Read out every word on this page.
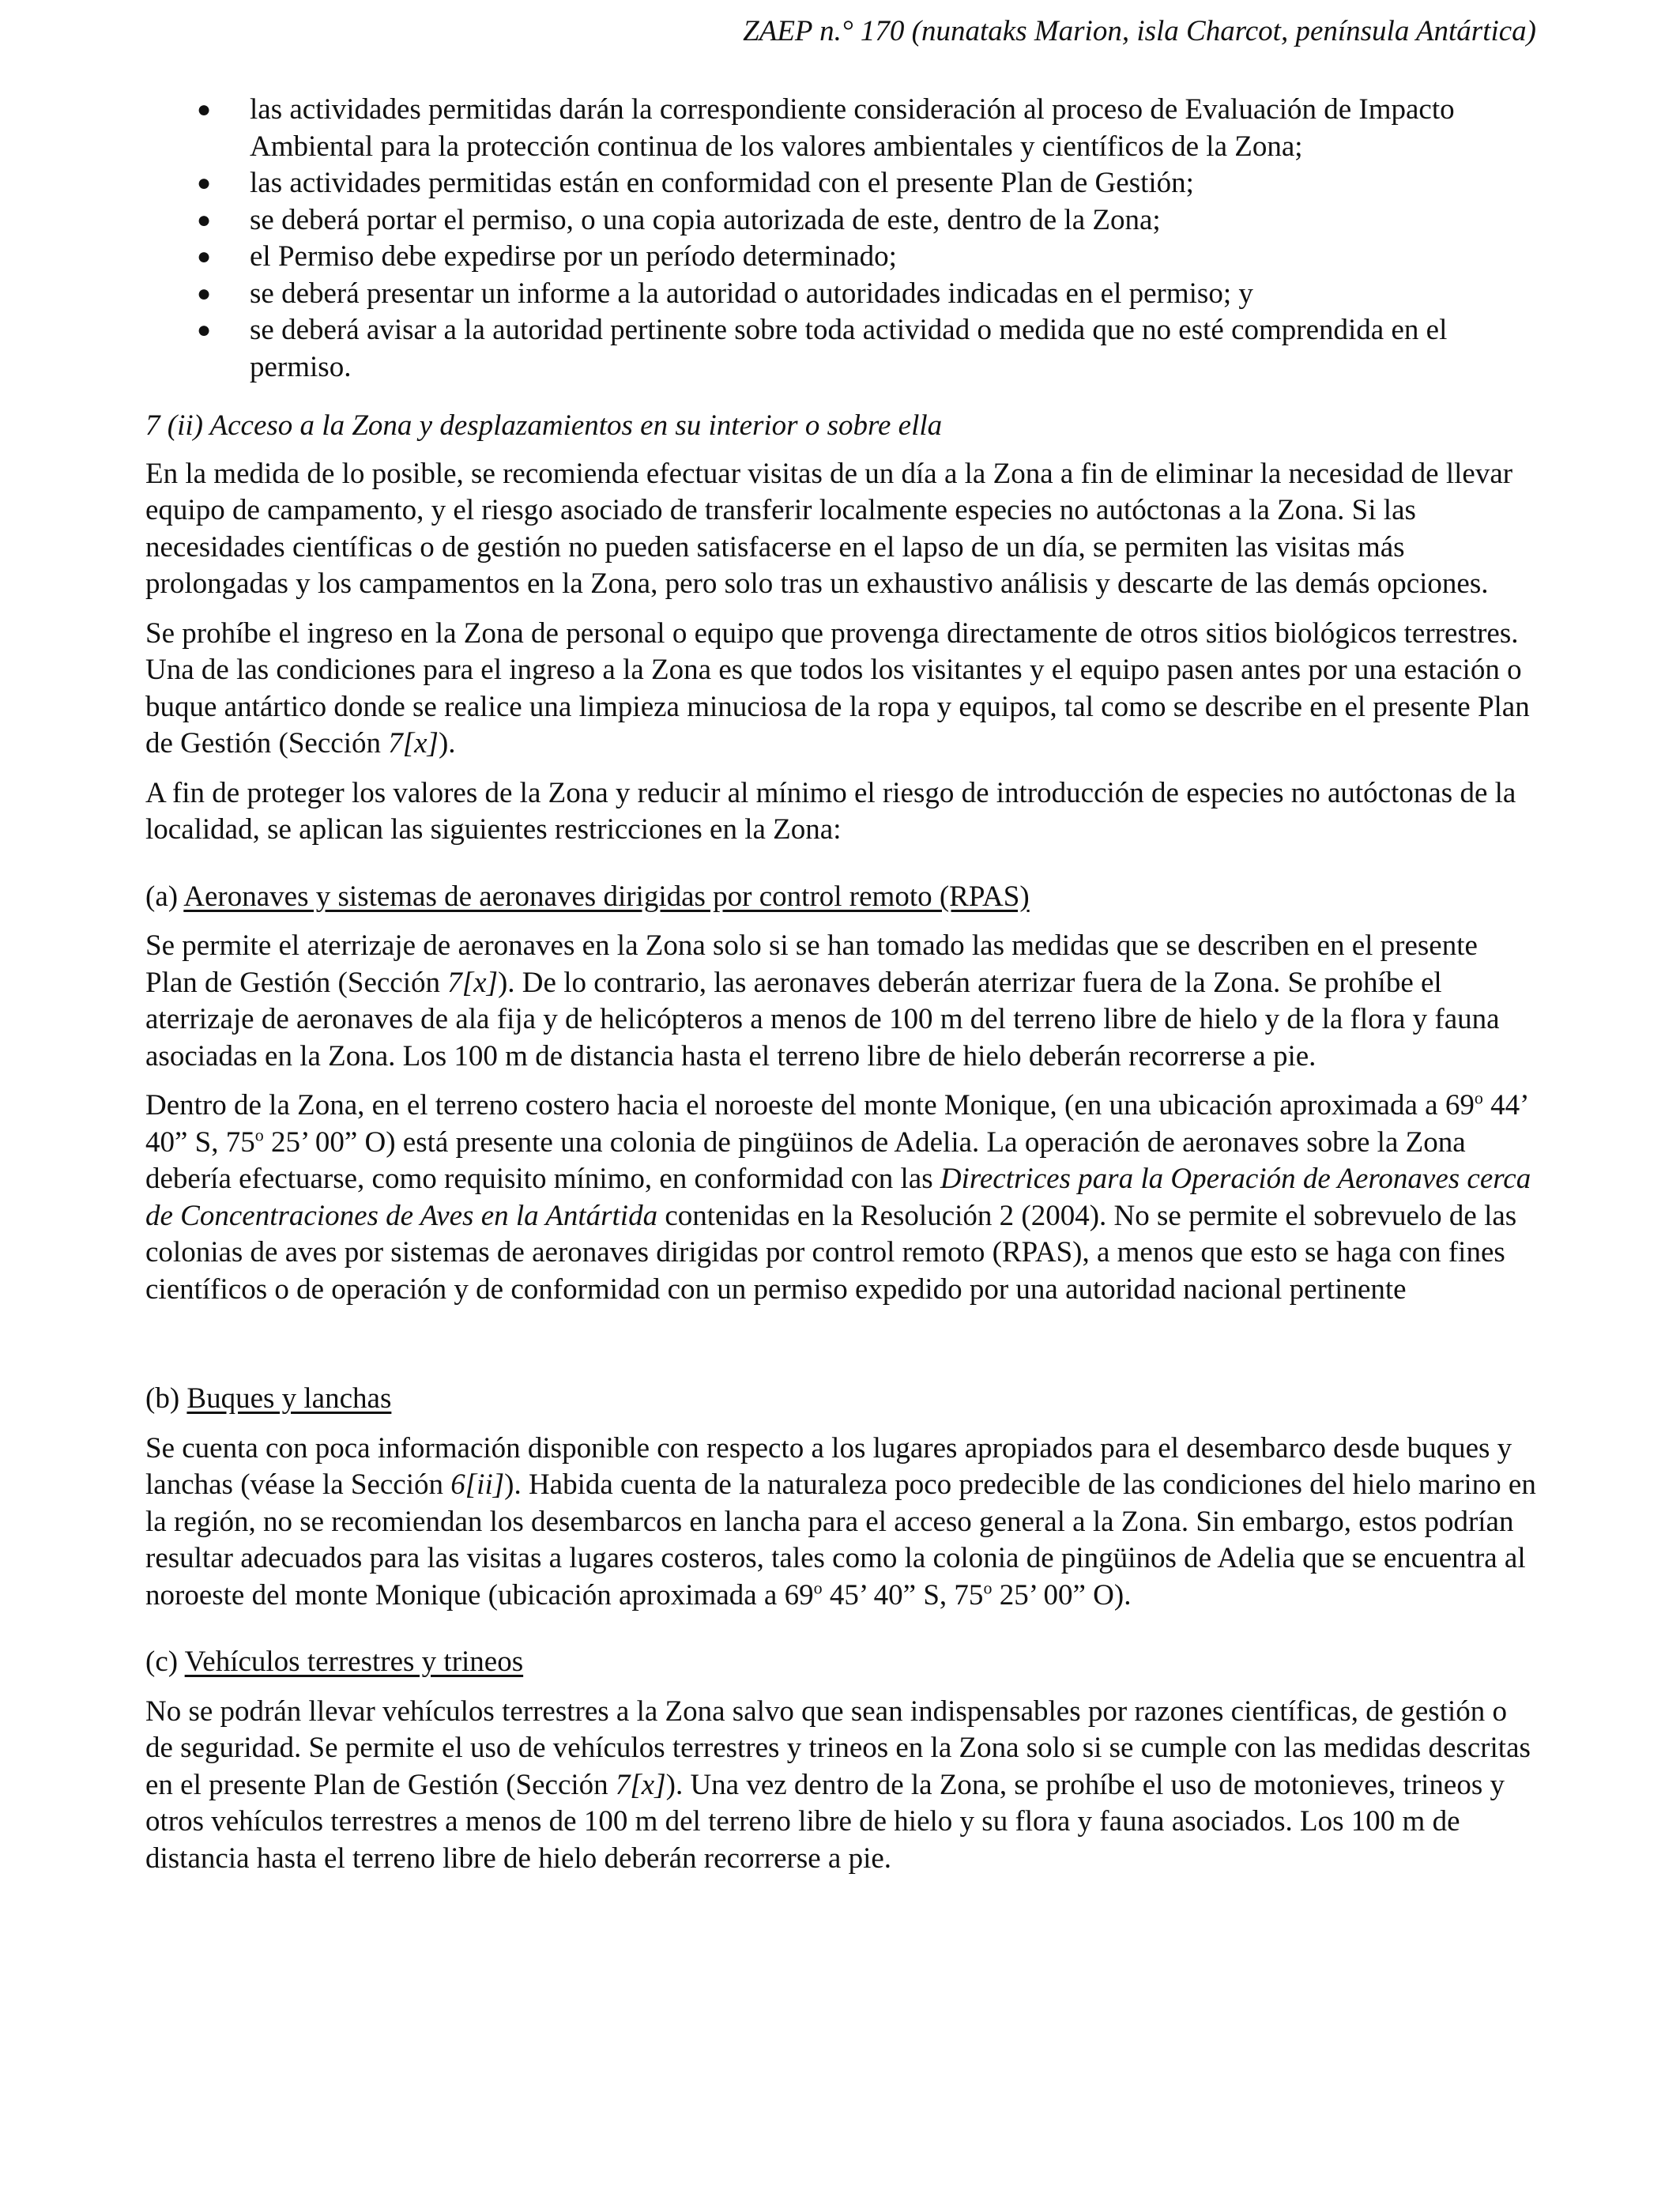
ZAEP n.° 170 (nunataks Marion, isla Charcot, península Antártica)
● las actividades permitidas darán la correspondiente consideración al proceso de Evaluación de Impacto Ambiental para la protección continua de los valores ambientales y científicos de la Zona;
● las actividades permitidas están en conformidad con el presente Plan de Gestión;
● se deberá portar el permiso, o una copia autorizada de este, dentro de la Zona;
● el Permiso debe expedirse por un período determinado;
● se deberá presentar un informe a la autoridad o autoridades indicadas en el permiso; y
● se deberá avisar a la autoridad pertinente sobre toda actividad o medida que no esté comprendida en el permiso.

7 (ii) Acceso a la Zona y desplazamientos en su interior o sobre ella

En la medida de lo posible, se recomienda efectuar visitas de un día a la Zona a fin de eliminar la necesidad de llevar equipo de campamento, y el riesgo asociado de transferir localmente especies no autóctonas a la Zona. Si las necesidades científicas o de gestión no pueden satisfacerse en el lapso de un día, se permiten las visitas más prolongadas y los campamentos en la Zona, pero solo tras un exhaustivo análisis y descarte de las demás opciones.

Se prohíbe el ingreso en la Zona de personal o equipo que provenga directamente de otros sitios biológicos terrestres. Una de las condiciones para el ingreso a la Zona es que todos los visitantes y el equipo pasen antes por una estación o buque antártico donde se realice una limpieza minuciosa de la ropa y equipos, tal como se describe en el presente Plan de Gestión (Sección 7[x]).

A fin de proteger los valores de la Zona y reducir al mínimo el riesgo de introducción de especies no autóctonas de la localidad, se aplican las siguientes restricciones en la Zona:

(a) Aeronaves y sistemas de aeronaves dirigidas por control remoto (RPAS)

Se permite el aterrizaje de aeronaves en la Zona solo si se han tomado las medidas que se describen en el presente Plan de Gestión (Sección 7[x]). De lo contrario, las aeronaves deberán aterrizar fuera de la Zona. Se prohíbe el aterrizaje de aeronaves de ala fija y de helicópteros a menos de 100 m del terreno libre de hielo y de la flora y fauna asociadas en la Zona. Los 100 m de distancia hasta el terreno libre de hielo deberán recorrerse a pie.

Dentro de la Zona, en el terreno costero hacia el noroeste del monte Monique, (en una ubicación aproximada a 69$^o$ 44’ 40” S, 75$^o$ 25’ 00” O) está presente una colonia de pingüinos de Adelia. La operación de aeronaves sobre la Zona debería efectuarse, como requisito mínimo, en conformidad con las Directrices para la Operación de Aeronaves cerca de Concentraciones de Aves en la Antártida contenidas en la Resolución 2 (2004). No se permite el sobrevuelo de las colonias de aves por sistemas de aeronaves dirigidas por control remoto (RPAS), a menos que esto se haga con fines científicos o de operación y de conformidad con un permiso expedido por una autoridad nacional pertinente

(b) Buques y lanchas

Se cuenta con poca información disponible con respecto a los lugares apropiados para el desembarco desde buques y lanchas (véase la Sección 6[ii]). Habida cuenta de la naturaleza poco predecible de las condiciones del hielo marino en la región, no se recomiendan los desembarcos en lancha para el acceso general a la Zona. Sin embargo, estos podrían resultar adecuados para las visitas a lugares costeros, tales como la colonia de pingüinos de Adelia que se encuentra al noroeste del monte Monique (ubicación aproximada a 69$^o$ 45’ 40” S, 75$^o$ 25’ 00” O).

(c) Vehículos terrestres y trineos

No se podrán llevar vehículos terrestres a la Zona salvo que sean indispensables por razones científicas, de gestión o de seguridad. Se permite el uso de vehículos terrestres y trineos en la Zona solo si se cumple con las medidas descritas en el presente Plan de Gestión (Sección 7[x]). Una vez dentro de la Zona, se prohíbe el uso de motonieves, trineos y otros vehículos terrestres a menos de 100 m del terreno libre de hielo y su flora y fauna asociados. Los 100 m de distancia hasta el terreno libre de hielo deberán recorrerse a pie.
